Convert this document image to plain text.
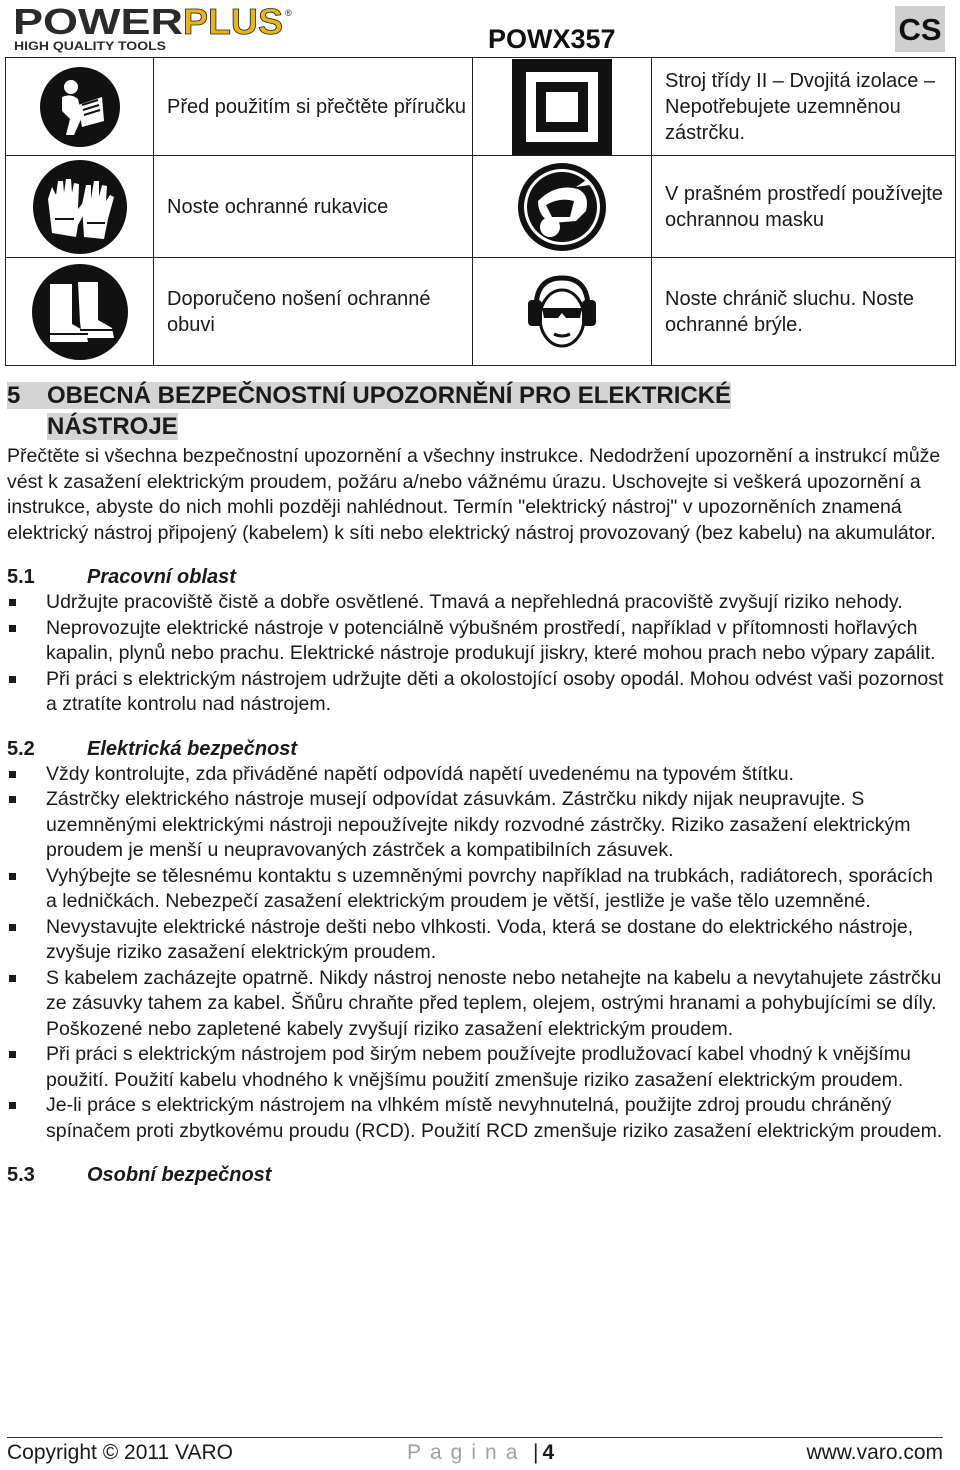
POWER PLUS ®
HIGH QUALITY TOOLS	POWX357	CS
	Před použitím si přečtěte příručku		Stroj třídy II – Dvojitá izolace – Nepotřebujete uzemněnou zástrčku.

	Noste ochranné rukavice		V prašném prostředí používejte ochrannou masku

	Doporučeno nošení ochranné obuvi		Noste chránič sluchu. Noste ochranné brýle.
5 OBECNÁ BEZPEČNOSTNÍ UPOZORNĚNÍ PRO ELEKTRICKÉ
NÁSTROJE

Přečtěte si všechna bezpečnostní upozornění a všechny instrukce. Nedodržení upozornění a instrukcí může vést k zasažení elektrickým proudem, požáru a/nebo vážnému úrazu. Uschovejte si veškerá upozornění a instrukce, abyste do nich mohli později nahlédnout. Termín "elektrický nástroj" v upozorněních znamená elektrický nástroj připojený (kabelem) k síti nebo elektrický nástroj provozovaný (bez kabelu) na akumulátor.

5.1	Pracovní oblast
Udržujte pracoviště čistě a dobře osvětlené. Tmavá a nepřehledná pracoviště zvyšují riziko nehody.
Neprovozujte elektrické nástroje v potenciálně výbušném prostředí, například v přítomnosti hořlavých kapalin, plynů nebo prachu. Elektrické nástroje produkují jiskry, které mohou prach nebo výpary zapálit.
Při práci s elektrickým nástrojem udržujte děti a okolostojící osoby opodál. Mohou odvést vaši pozornost a ztratíte kontrolu nad nástrojem.
5.2	Elektrická bezpečnost
Vždy kontrolujte, zda přiváděné napětí odpovídá napětí uvedenému na typovém štítku.
Zástrčky elektrického nástroje musejí odpovídat zásuvkám. Zástrčku nikdy nijak neupravujte. S uzemněnými elektrickými nástroji nepoužívejte nikdy rozvodné zástrčky. Riziko zasažení elektrickým proudem je menší u neupravovaných zástrček a kompatibilních zásuvek.
Vyhýbejte se tělesnému kontaktu s uzemněnými povrchy například na trubkách, radiátorech, sporácích a ledničkách. Nebezpečí zasažení elektrickým proudem je větší, jestliže je vaše tělo uzemněné.
Nevystavujte elektrické nástroje dešti nebo vlhkosti. Voda, která se dostane do elektrického nástroje, zvyšuje riziko zasažení elektrickým proudem.
S kabelem zacházejte opatrně. Nikdy nástroj nenoste nebo netahejte na kabelu a nevytahujete zástrčku ze zásuvky tahem za kabel. Šňůru chraňte před teplem, olejem, ostrými hranami a pohybujícími se díly. Poškozené nebo zapletené kabely zvyšují riziko zasažení elektrickým proudem.
Při práci s elektrickým nástrojem pod širým nebem používejte prodlužovací kabel vhodný k vnějšímu použití. Použití kabelu vhodného k vnějšímu použití zmenšuje riziko zasažení elektrickým proudem.
Je-li práce s elektrickým nástrojem na vlhkém místě nevyhnutelná, použijte zdroj proudu chráněný spínačem proti zbytkovému proudu (RCD). Použití RCD zmenšuje riziko zasažení elektrickým proudem.
5.3	Osobní bezpečnost
Copyright © 2011 VARO	Pagina | 4	www.varo.com
